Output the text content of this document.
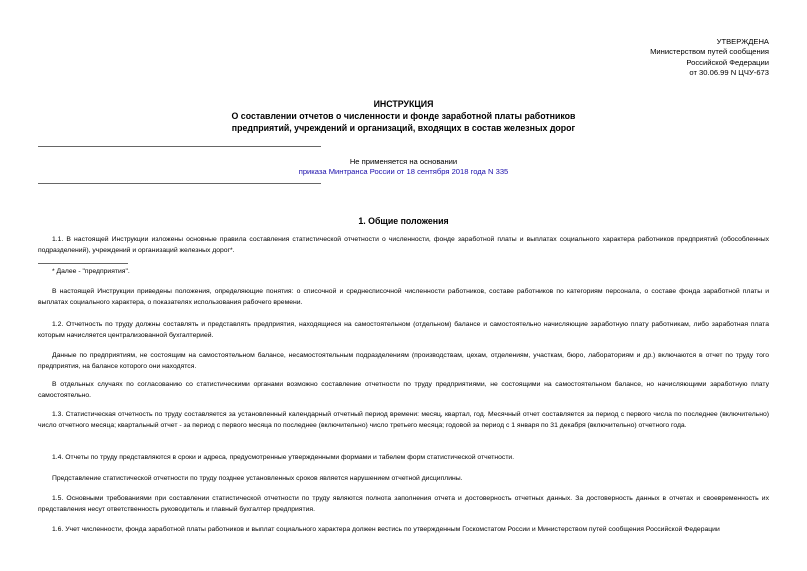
УТВЕРЖДЕНА
Министерством путей сообщения
Российской Федерации
от 30.06.99 N ЦЧУ-673
ИНСТРУКЦИЯ
О составлении отчетов о численности и фонде заработной платы работников
предприятий, учреждений и организаций, входящих в состав железных дорог
Не применяется на основании
приказа Минтранса России от 18 сентября 2018 года N 335
1. Общие положения

1.1. В настоящей Инструкции изложены основные правила составления статистической отчетности о численности, фонде заработной платы и выплатах социального характера работников предприятий (обособленных подразделений), учреждений и организаций железных дорог*.

* Далее - "предприятия".

В настоящей Инструкции приведены положения, определяющие понятия: о списочной и среднесписочной численности работников, составе работников по категориям персонала, о составе фонда заработной платы и выплатах социального характера, о показателях использования рабочего времени.

1.2. Отчетность по труду должны составлять и представлять предприятия, находящиеся на самостоятельном (отдельном) балансе и самостоятельно начисляющие заработную плату работникам, либо заработная плата которым начисляется централизованной бухгалтерией.

Данные по предприятиям, не состоящим на самостоятельном балансе, несамостоятельным подразделениям (производствам, цехам, отделениям, участкам, бюро, лабораториям и др.) включаются в отчет по труду того предприятия, на балансе которого они находятся.

В отдельных случаях по согласованию со статистическими органами возможно составление отчетности по труду предприятиями, не состоящими на самостоятельном балансе, но начисляющими заработную плату самостоятельно.

1.3. Статистическая отчетность по труду составляется за установленный календарный отчетный период времени: месяц, квартал, год. Месячный отчет составляется за период с первого числа по последнее (включительно) число отчетного месяца; квартальный отчет - за период с первого месяца по последнее (включительно) число третьего месяца; годовой за период с 1 января по 31 декабря (включительно) отчетного года.

1.4. Отчеты по труду представляются в сроки и адреса, предусмотренные утвержденными формами и табелем форм статистической отчетности.

Представление статистической отчетности по труду позднее установленных сроков является нарушением отчетной дисциплины.

1.5. Основными требованиями при составлении статистической отчетности по труду являются полнота заполнения отчета и достоверность отчетных данных. За достоверность данных в отчетах и своевременность их представления несут ответственность руководитель и главный бухгалтер предприятия.

1.6. Учет численности, фонда заработной платы работников и выплат социального характера должен вестись по утвержденным Госкомстатом России и Министерством путей сообщения Российской Федерации
